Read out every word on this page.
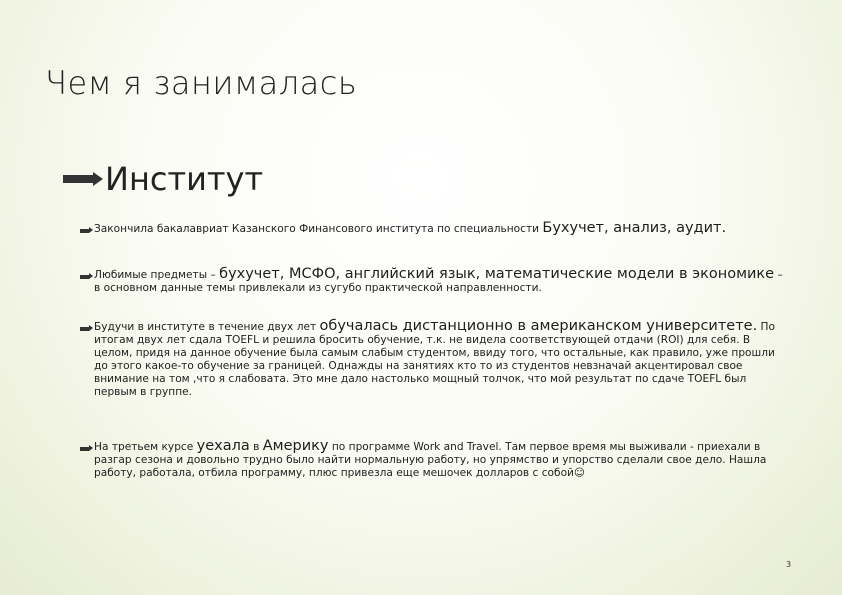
Чем я занималась
Институт
Закончила бакалавриат Казанского Финансового института по специальности Бухучет, анализ, аудит.
Любимые предметы – бухучет, МСФО, английский язык, математические модели в экономике – в основном данные темы привлекали из сугубо практической направленности.
Будучи в институте в течение двух лет обучалась дистанционно в американском университете. По итогам двух лет сдала TOEFL и решила бросить обучение, т.к. не видела соответствующей отдачи (ROI) для себя. В целом, придя на данное обучение была самым слабым студентом, ввиду того, что остальные, как правило, уже прошли до этого какое-то обучение за границей. Однажды на занятиях кто то из студентов невзначай акцентировал свое внимание на том ,что я слабовата. Это мне дало настолько мощный толчок, что мой результат по сдаче TOEFL был первым в группе.
На третьем курсе уехала в Америку по программе Work and Travel. Там первое время мы выживали - приехали в разгар сезона и довольно трудно было найти нормальную работу, но упрямство и упорство сделали свое дело. Нашла работу, работала, отбила программу, плюс привезла еще мешочек долларов с собой☺
3
